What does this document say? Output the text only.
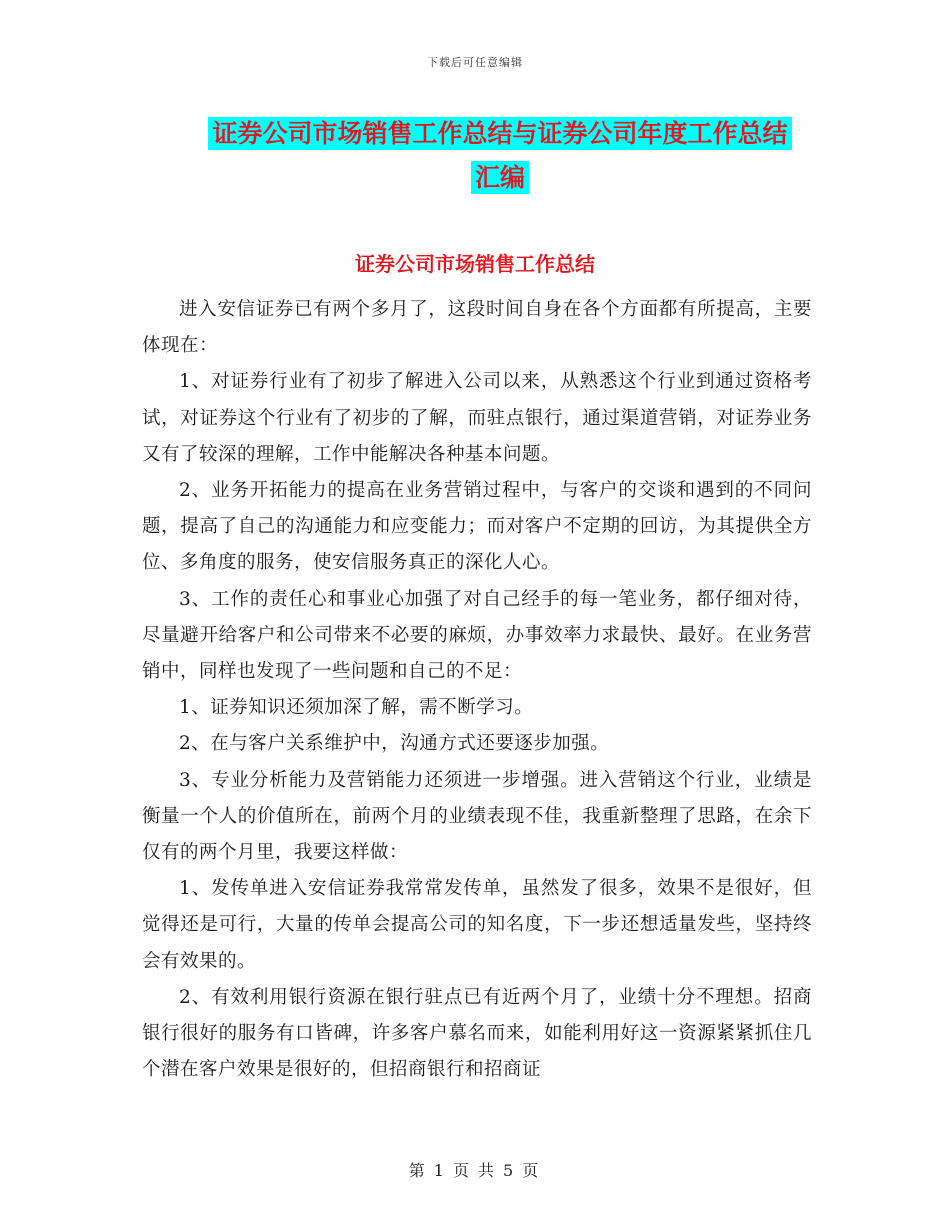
下载后可任意编辑
证券公司市场销售工作总结与证券公司年度工作总结
汇编
证券公司市场销售工作总结

进入安信证券已有两个多月了，这段时间自身在各个方面都有所提高，主要体现在：

1、对证券行业有了初步了解进入公司以来，从熟悉这个行业到通过资格考试，对证券这个行业有了初步的了解，而驻点银行，通过渠道营销，对证券业务又有了较深的理解，工作中能解决各种基本问题。

2、业务开拓能力的提高在业务营销过程中，与客户的交谈和遇到的不同问题，提高了自己的沟通能力和应变能力；而对客户不定期的回访，为其提供全方位、多角度的服务，使安信服务真正的深化人心。

3、工作的责任心和事业心加强了对自己经手的每一笔业务，都仔细对待，尽量避开给客户和公司带来不必要的麻烦，办事效率力求最快、最好。在业务营销中，同样也发现了一些问题和自己的不足：

1、证券知识还须加深了解，需不断学习。

2、在与客户关系维护中，沟通方式还要逐步加强。

3、专业分析能力及营销能力还须进一步增强。进入营销这个行业，业绩是衡量一个人的价值所在，前两个月的业绩表现不佳，我重新整理了思路，在余下仅有的两个月里，我要这样做：

1、发传单进入安信证券我常常发传单，虽然发了很多，效果不是很好，但觉得还是可行，大量的传单会提高公司的知名度，下一步还想适量发些，坚持终会有效果的。

2、有效利用银行资源在银行驻点已有近两个月了，业绩十分不理想。招商银行很好的服务有口皆碑，许多客户慕名而来，如能利用好这一资源紧紧抓住几个潜在客户效果是很好的，但招商银行和招商证

第 1 页 共 5 页
